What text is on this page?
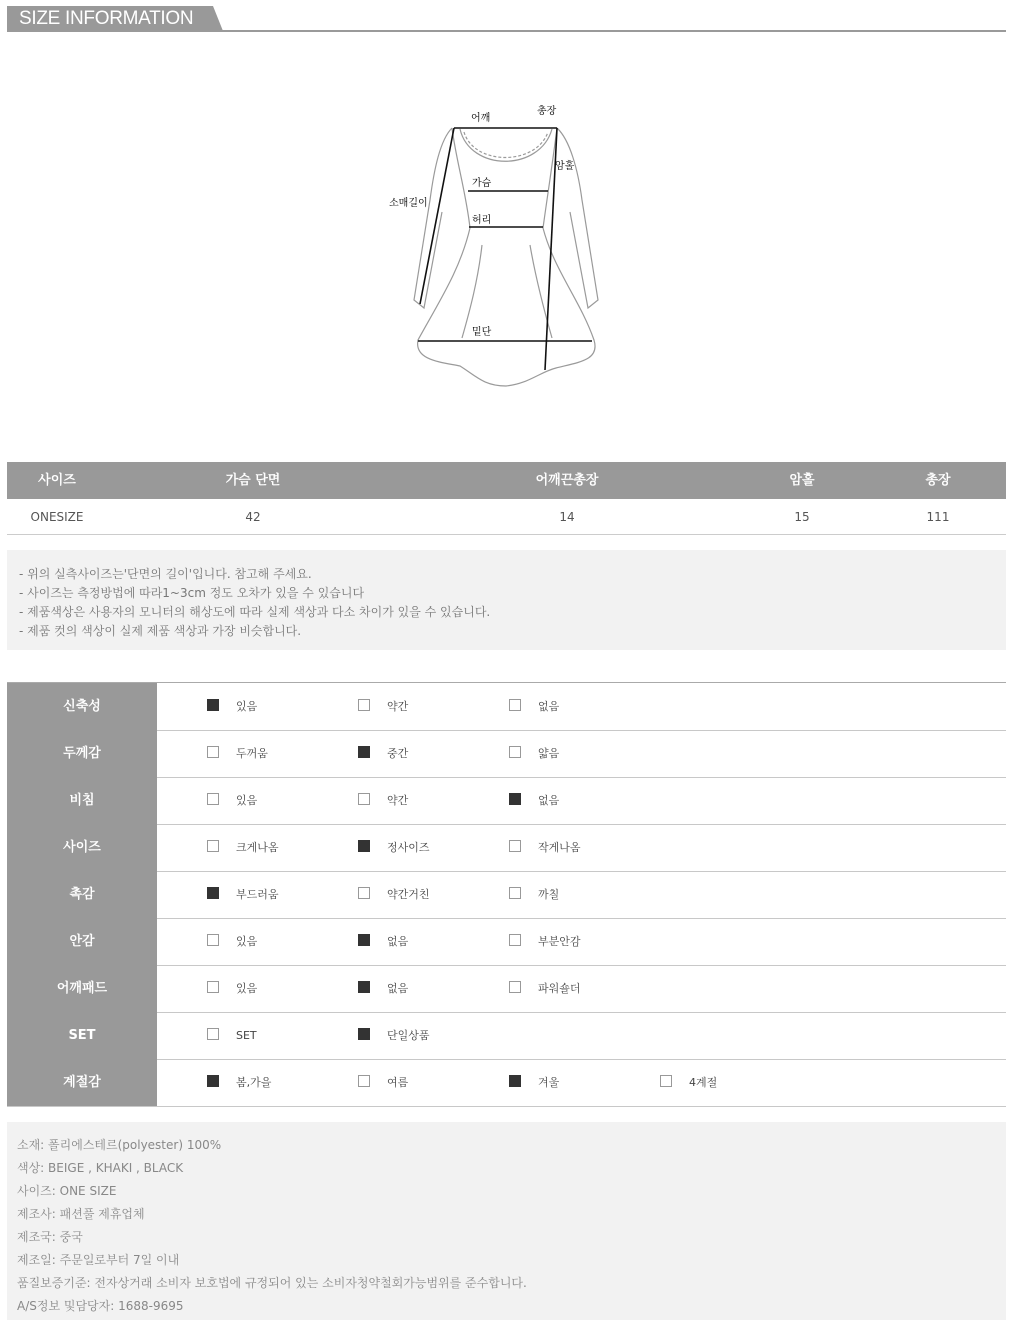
SIZE INFORMATION
어깨
총장
암홀
가슴
소매길이
허리
밑단
사이즈	가슴 단면	어깨끈총장	암홀	총장
ONESIZE	42	14	15	111
- 위의 실측사이즈는'단면의 길이'입니다. 참고해 주세요.
- 사이즈는 측정방법에 따라1~3cm 정도 오차가 있을 수 있습니다
- 제품색상은 사용자의 모니터의 해상도에 따라 실제 색상과 다소 차이가 있을 수 있습니다.
- 제품 컷의 색상이 실제 제품 색상과 가장 비슷합니다.
신축성	있음	약간	없음
두께감	두꺼움	중간	얇음
비침	있음	약간	없음
사이즈	크게나옴	정사이즈	작게나옴
촉감	부드러움	약간거친	까칠
안감	있음	없음	부분안감
어깨패드	있음	없음	파워숄더
SET	SET	단일상품
계절감	봄,가을	여름	겨울	4계절
소재: 폴리에스테르(polyester) 100%
색상: BEIGE , KHAKI , BLACK
사이즈: ONE SIZE
제조사: 패션풀 제휴업체
제조국: 중국
제조일: 주문일로부터 7일 이내
품질보증기준: 전자상거래 소비자 보호법에 규정되어 있는 소비자청약철회가능범위를 준수합니다.
A/S정보 및담당자: 1688-9695
